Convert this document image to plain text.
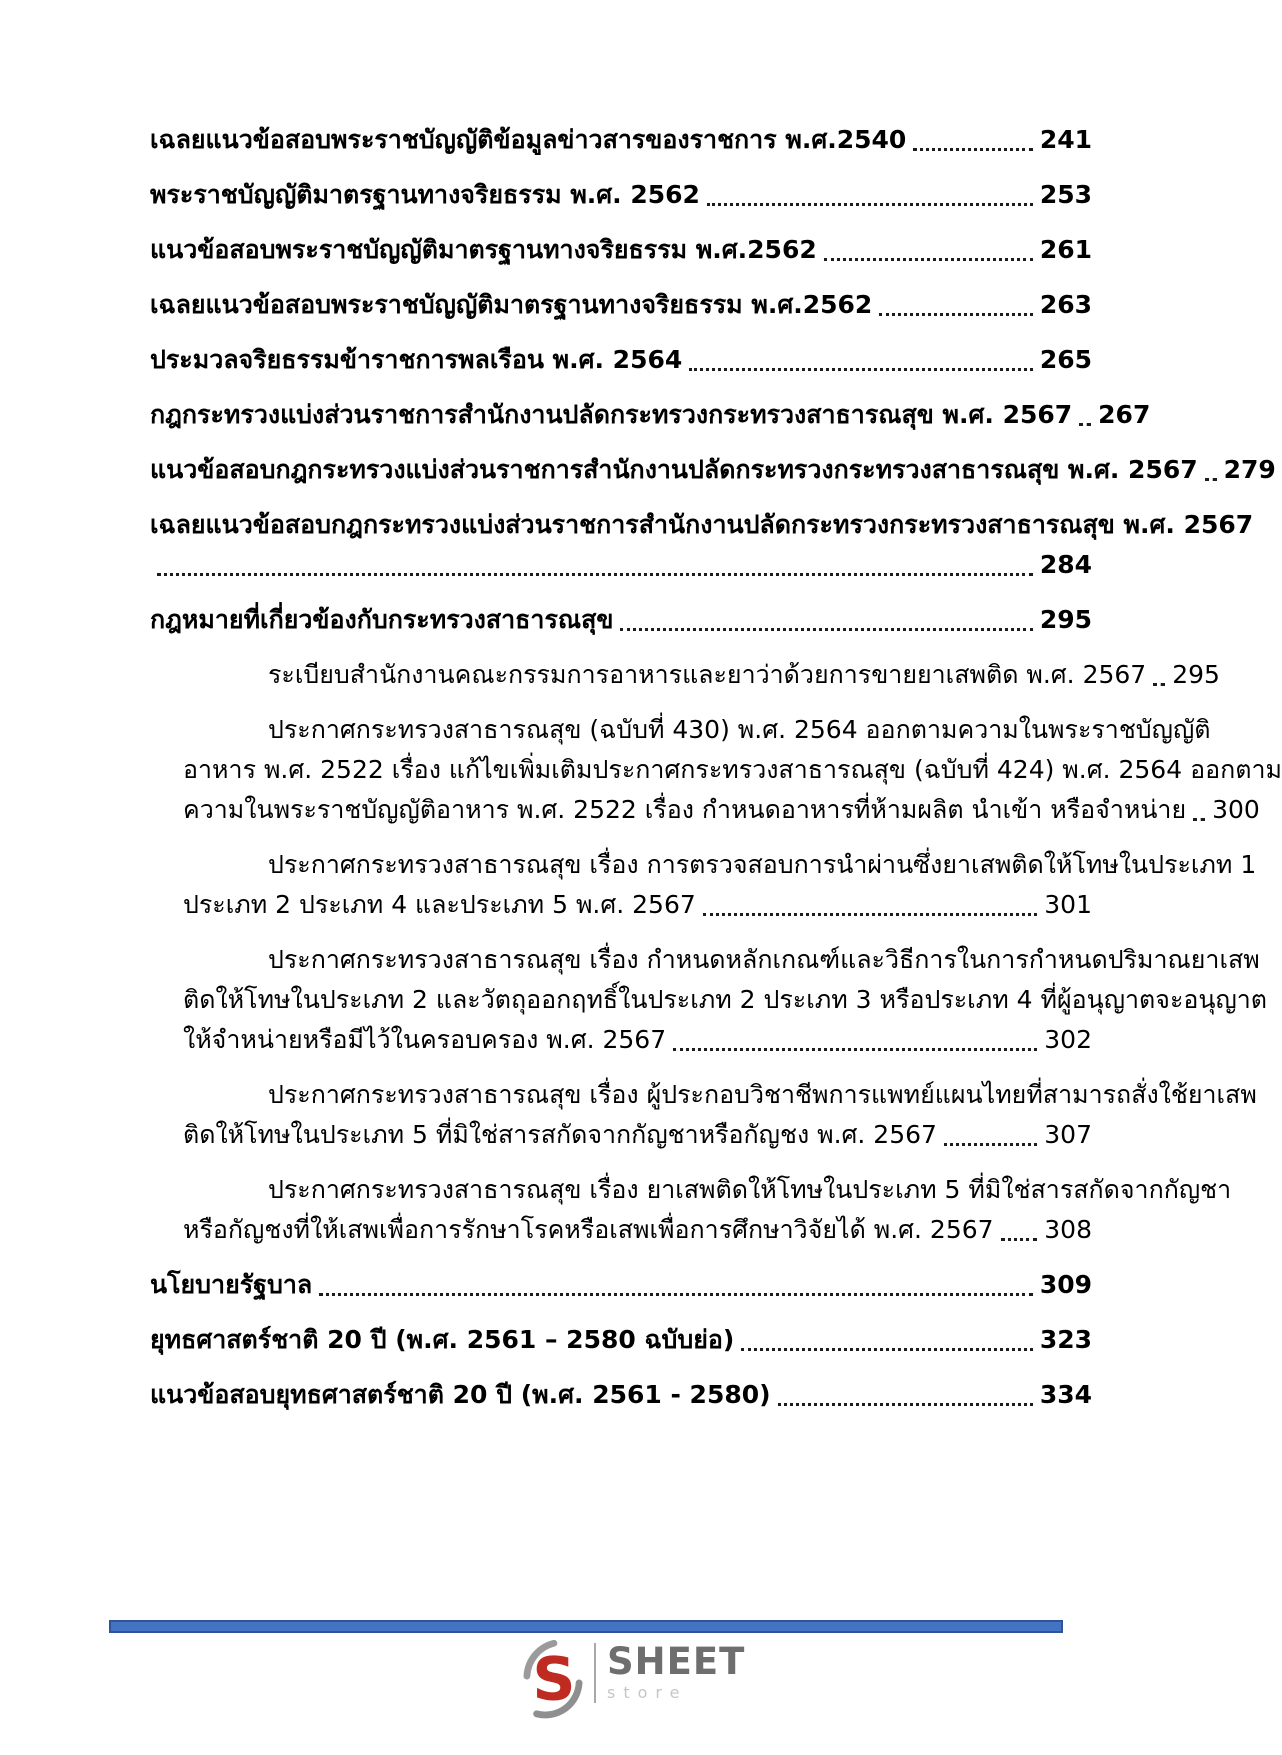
เฉลยแนวข้อสอบพระราชบัญญัติข้อมูลข่าวสารของราชการ พ.ศ.2540	241
พระราชบัญญัติมาตรฐานทางจริยธรรม พ.ศ. 2562	253
แนวข้อสอบพระราชบัญญัติมาตรฐานทางจริยธรรม พ.ศ.2562	261
เฉลยแนวข้อสอบพระราชบัญญัติมาตรฐานทางจริยธรรม พ.ศ.2562	263
ประมวลจริยธรรมข้าราชการพลเรือน พ.ศ. 2564	265
กฎกระทรวงแบ่งส่วนราชการสำนักงานปลัดกระทรวงกระทรวงสาธารณสุข พ.ศ. 2567 267
แนวข้อสอบกฎกระทรวงแบ่งส่วนราชการสำนักงานปลัดกระทรวงกระทรวงสาธารณสุข พ.ศ. 2567 279
เฉลยแนวข้อสอบกฎกระทรวงแบ่งส่วนราชการสำนักงานปลัดกระทรวงกระทรวงสาธารณสุข พ.ศ. 2567
284
กฎหมายที่เกี่ยวข้องกับกระทรวงสาธารณสุข	295
ระเบียบสำนักงานคณะกรรมการอาหารและยาว่าด้วยการขายยาเสพติด พ.ศ. 2567 295
ประกาศกระทรวงสาธารณสุข (ฉบับที่ 430) พ.ศ. 2564 ออกตามความในพระราชบัญญัติ
อาหาร พ.ศ. 2522 เรื่อง แก้ไขเพิ่มเติมประกาศกระทรวงสาธารณสุข (ฉบับที่ 424) พ.ศ. 2564 ออกตาม
ความในพระราชบัญญัติอาหาร พ.ศ. 2522 เรื่อง กำหนดอาหารที่ห้ามผลิต นำเข้า หรือจำหน่าย 300
ประกาศกระทรวงสาธารณสุข เรื่อง การตรวจสอบการนำผ่านซึ่งยาเสพติดให้โทษในประเภท 1
ประเภท 2 ประเภท 4 และประเภท 5 พ.ศ. 2567	301
ประกาศกระทรวงสาธารณสุข เรื่อง กำหนดหลักเกณฑ์และวิธีการในการกำหนดปริมาณยาเสพ
ติดให้โทษในประเภท 2 และวัตถุออกฤทธิ์ในประเภท 2 ประเภท 3 หรือประเภท 4 ที่ผู้อนุญาตจะอนุญาต
ให้จำหน่ายหรือมีไว้ในครอบครอง พ.ศ. 2567	302
ประกาศกระทรวงสาธารณสุข เรื่อง ผู้ประกอบวิชาชีพการแพทย์แผนไทยที่สามารถสั่งใช้ยาเสพ
ติดให้โทษในประเภท 5 ที่มิใช่สารสกัดจากกัญชาหรือกัญชง พ.ศ. 2567	307
ประกาศกระทรวงสาธารณสุข เรื่อง ยาเสพติดให้โทษในประเภท 5 ที่มิใช่สารสกัดจากกัญชา
หรือกัญชงที่ให้เสพเพื่อการรักษาโรคหรือเสพเพื่อการศึกษาวิจัยได้ พ.ศ. 2567 308
นโยบายรัฐบาล	309
ยุทธศาสตร์ชาติ 20 ปี (พ.ศ. 2561 – 2580 ฉบับย่อ)	323
แนวข้อสอบยุทธศาสตร์ชาติ 20 ปี (พ.ศ. 2561 - 2580)	334
S SHEET
store
